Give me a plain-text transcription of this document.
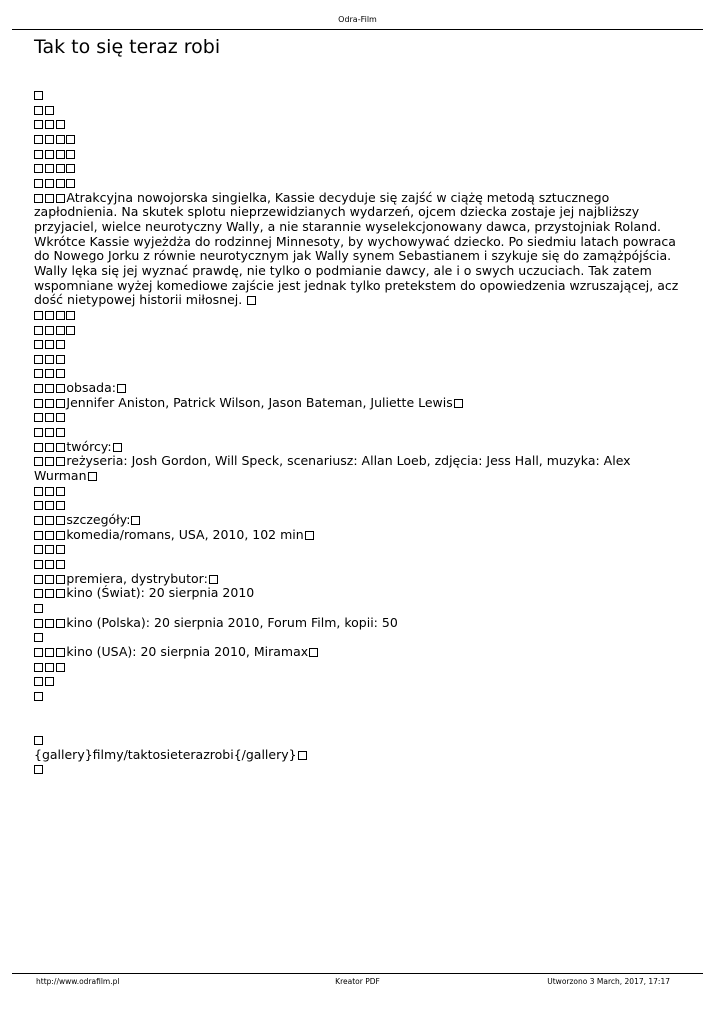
Odra-Film
Tak to się teraz robi
Atrakcyjna nowojorska singielka, Kassie decyduje się zajść w ciążę metodą sztucznego zapłodnienia. Na skutek splotu nieprzewidzianych wydarzeń, ojcem dziecka zostaje jej najbliższy przyjaciel, wielce neurotyczny Wally, a nie starannie wyselekcjonowany dawca, przystojniak Roland. Wkrótce Kassie wyjeżdża do rodzinnej Minnesoty, by wychowywać dziecko. Po siedmiu latach powraca do Nowego Jorku z równie neurotycznym jak Wally synem Sebastianem i szykuje się do zamążpójścia. Wally lęka się jej wyznać prawdę, nie tylko o podmianie dawcy, ale i o swych uczuciach. Tak zatem wspomniane wyżej komediowe zajście jest jednak tylko pretekstem do opowiedzenia wzruszającej, acz dość nietypowej historii miłosnej.
obsada:
Jennifer Aniston, Patrick Wilson, Jason Bateman, Juliette Lewis
twórcy:
reżyseria: Josh Gordon, Will Speck, scenariusz: Allan Loeb, zdjęcia: Jess Hall, muzyka: Alex Wurman
szczegóły:
komedia/romans, USA, 2010, 102 min
premiera, dystrybutor:
kino (Świat): 20 sierpnia 2010
kino (Polska): 20 sierpnia 2010, Forum Film, kopii: 50
kino (USA): 20 sierpnia 2010, Miramax
{gallery}filmy/taktosieterazrobi{/gallery}
http://www.odrafilm.pl	Kreator PDF	Utworzono 3 March, 2017, 17:17
